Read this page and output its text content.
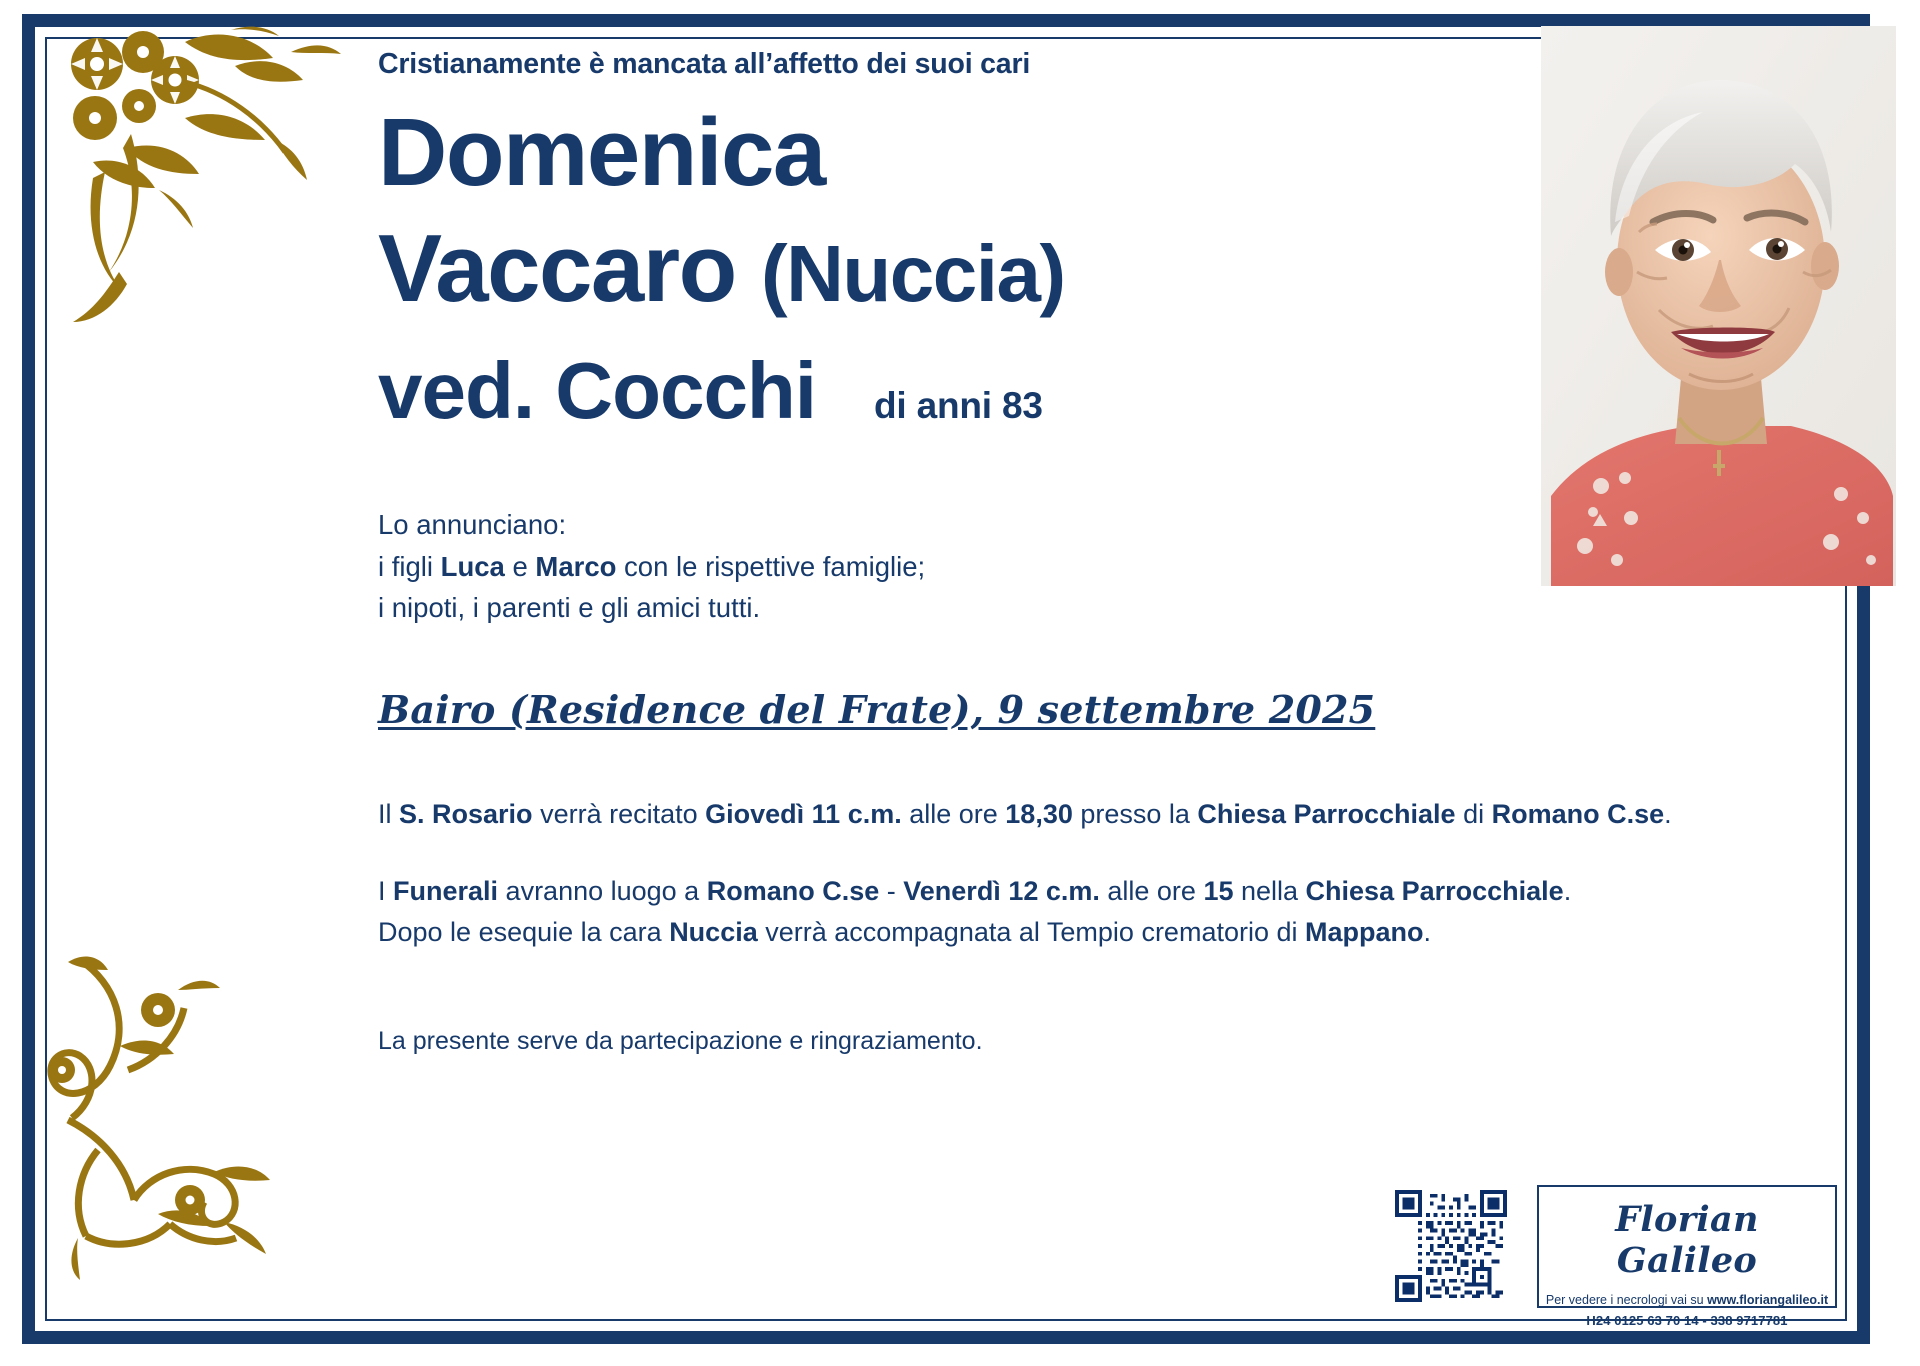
Cristianamente è mancata all’affetto dei suoi cari
Domenica
Vaccaro (Nuccia)
ved. Cocchi di anni 83
Lo annunciano:
i figli Luca e Marco con le rispettive famiglie;
i nipoti, i parenti e gli amici tutti.
Bairo (Residence del Frate), 9 settembre 2025
Il S. Rosario verrà recitato Giovedì 11 c.m. alle ore 18,30 presso la Chiesa Parrocchiale di Romano C.se.
I Funerali avranno luogo a Romano C.se - Venerdì 12 c.m. alle ore 15 nella Chiesa Parrocchiale.
Dopo le esequie la cara Nuccia verrà accompagnata al Tempio crematorio di Mappano.
La presente serve da partecipazione e ringraziamento.
Florian Galileo
Per vedere i necrologi vai su www.floriangalileo.it
H24 0125 63 70 14 - 338 9717781
